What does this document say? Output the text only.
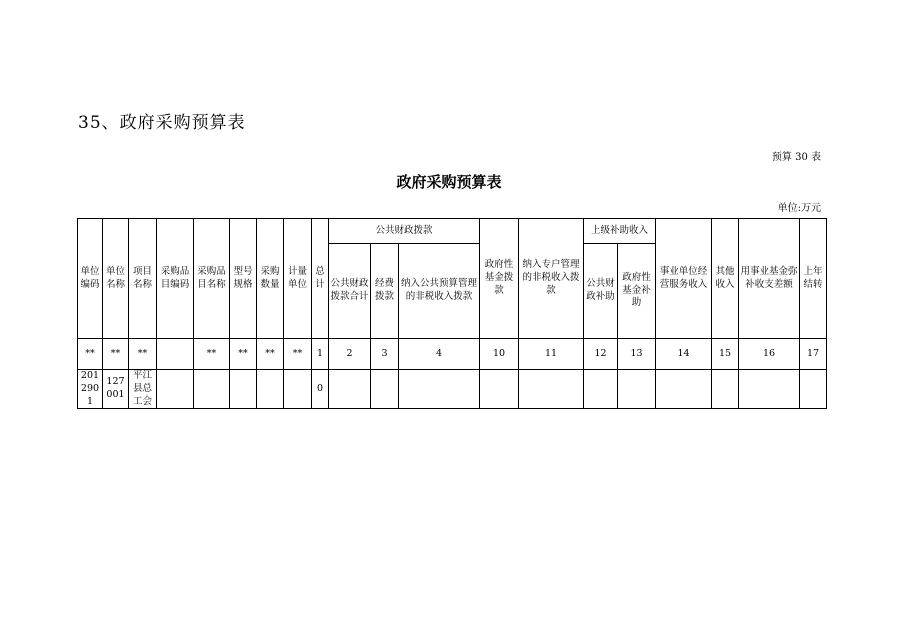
35、政府采购预算表
预算 30 表
政府采购预算表
单位:万元
单位编码	单位名称	项目名称	采购品目编码	采购品目名称	型号规格	采购数量	计量单位	总计	公共财政拨款			政府性基金拨款	纳入专户管理的非税收入拨款	上级补助收入		事业单位经营服务收入	其他收入	用事业基金弥补收支差额	上年结转
									公共财政拨款合计	经费拨款	纳入公共预算管理的非税收入拨款			公共财政补助	政府性基金补助				
**	**	**		**	**	**	**	1	2	3	4	10	11	12	13	14	15	16	17
2012901	127001	平江县总工会						0											
